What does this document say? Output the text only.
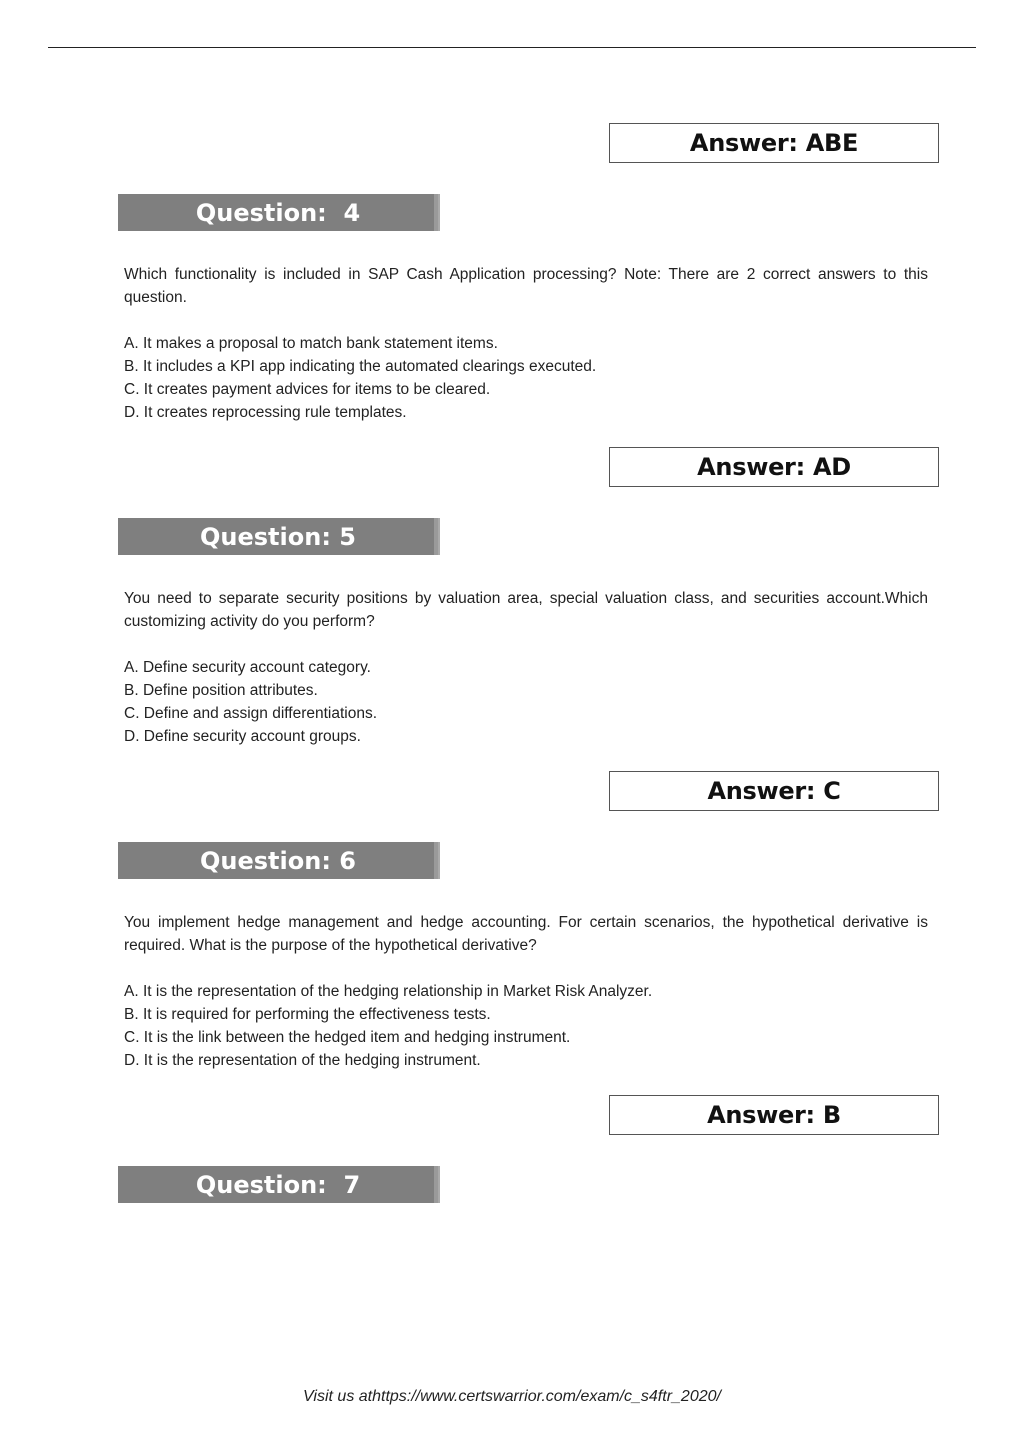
Answer: ABE
Question:  4

Which functionality is included in SAP Cash Application processing? Note: There are 2 correct answers to this question.

A. It makes a proposal to match bank statement items.
B. It includes a KPI app indicating the automated clearings executed.
C. It creates payment advices for items to be cleared.
D. It creates reprocessing rule templates.
Answer: AD
Question: 5

You need to separate security positions by valuation area, special valuation class, and securities account.Which customizing activity do you perform?

A. Define security account category.
B. Define position attributes.
C. Define and assign differentiations.
D. Define security account groups.
Answer: C
Question: 6

You implement hedge management and hedge accounting. For certain scenarios, the hypothetical derivative is required. What is the purpose of the hypothetical derivative?

A. It is the representation of the hedging relationship in Market Risk Analyzer.
B. It is required for performing the effectiveness tests.
C. It is the link between the hedged item and hedging instrument.
D. It is the representation of the hedging instrument.
Answer: B
Question:  7
Visit us athttps://www.certswarrior.com/exam/c_s4ftr_2020/
